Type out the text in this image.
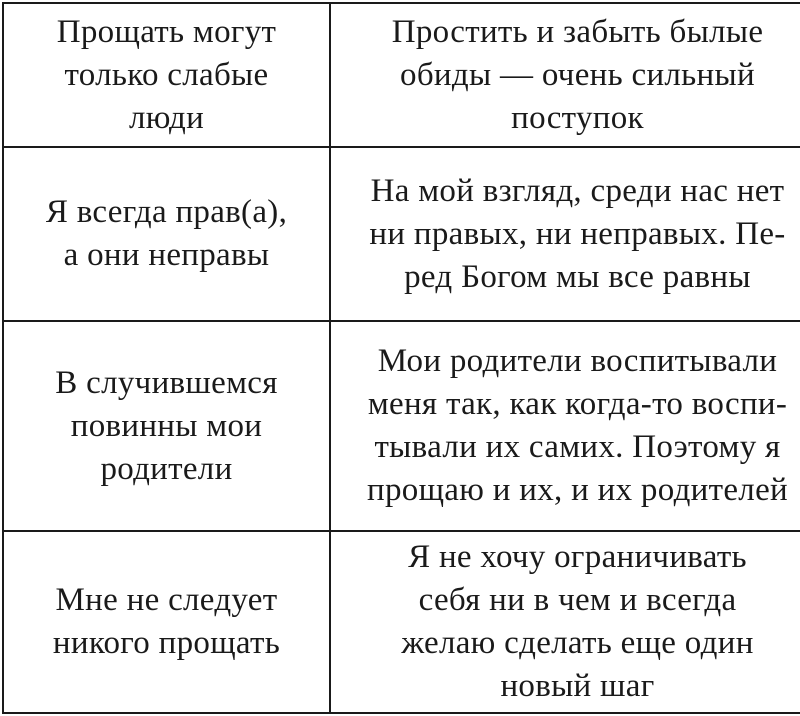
Прощать могут
только слабые
люди	Простить и забыть былые
обиды — очень сильный
поступок

Я всегда прав(а),
а они неправы	На мой взгляд, среди нас нет
ни правых, ни неправых. Пе-
ред Богом мы все равны

В случившемся
повинны мои
родители	Мои родители воспитывали
меня так, как когда-то воспи-
тывали их самих. Поэтому я
прощаю и их, и их родителей

Мне не следует
никого прощать	Я не хочу ограничивать
себя ни в чем и всегда
желаю сделать еще один
новый шаг
